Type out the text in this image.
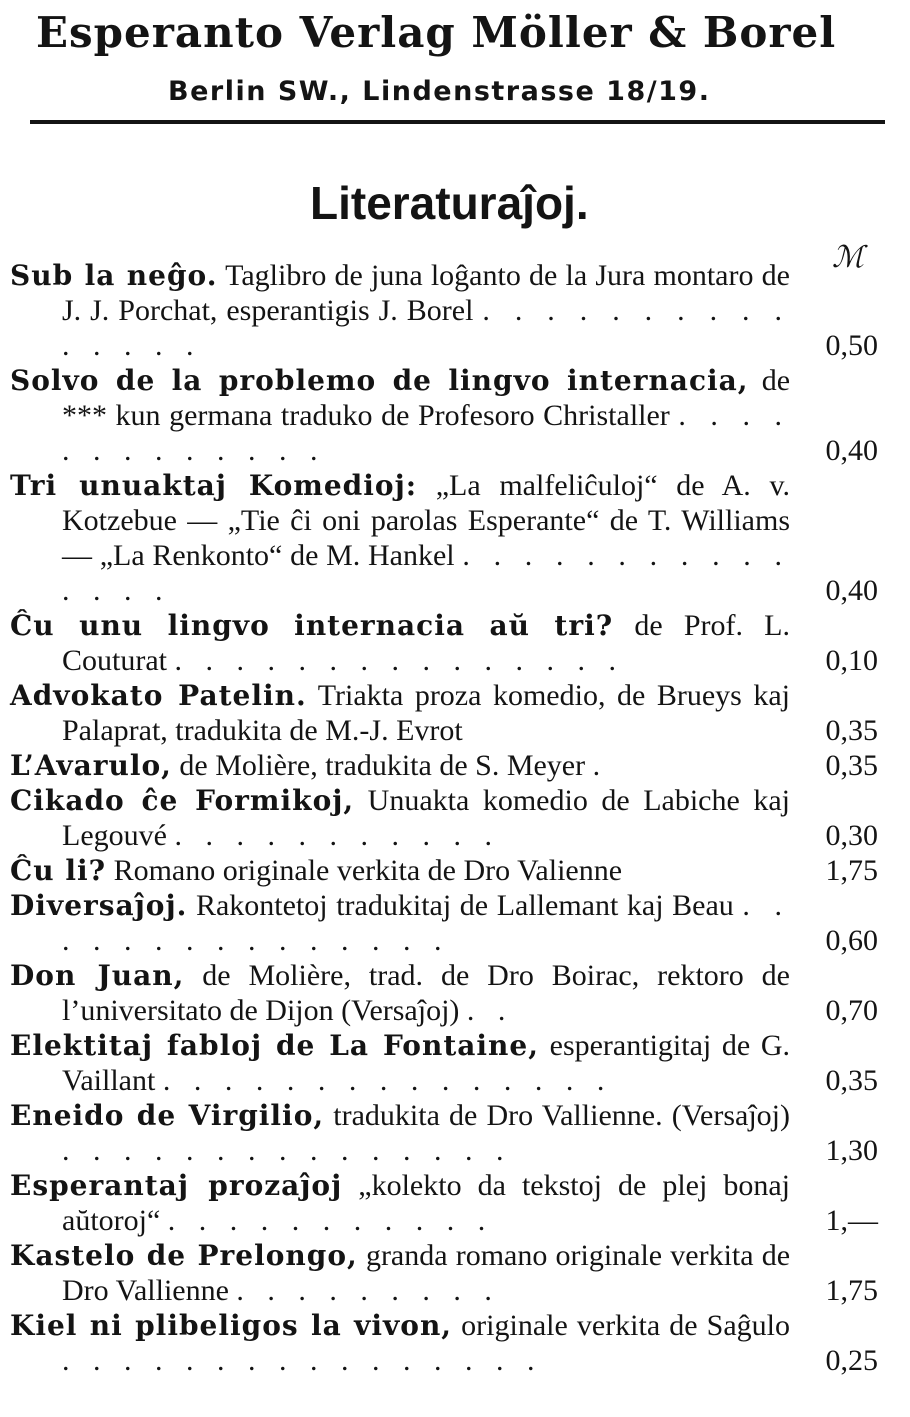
Esperanto Verlag Möller & Borel
Berlin SW., Lindenstrasse 18/19.
Literaturaĵoj.
ℳ
Sub la neĝo. Taglibro de juna loĝanto de la Jura montaro de J. J. Porchat, esperantigis J. Borel . . . . . . . . . . . . . . .	0,50
Solvo de la problemo de lingvo internacia, de *** kun germana traduko de Profesoro Christaller . . . . . . . . . . . . .	0,40
Tri unuaktaj Komedioj: „La malfeliĉuloj“ de A. v. Kotzebue — „Tie ĉi oni parolas Esperante“ de T. Williams — „La Renkonto“ de M. Hankel . . . . . . . . . . . . . . .	0,40
Ĉu unu lingvo internacia aŭ tri? de Prof. L. Couturat . . . . . . . . . . . . . . .	0,10
Advokato Patelin. Triakta proza komedio, de Brueys kaj Palaprat, tradukita de M.-J. Evrot	0,35
L’Avarulo, de Molière, tradukita de S. Meyer .	0,35
Cikado ĉe Formikoj, Unuakta komedio de Labiche kaj Legouvé . . . . . . . . . . .	0,30
Ĉu li? Romano originale verkita de Dro Valienne	1,75
Diversaĵoj. Rakontetoj tradukitaj de Lallemant kaj Beau . . . . . . . . . . . . . . .	0,60
Don Juan, de Molière, trad. de Dro Boirac, rektoro de l’universitato de Dijon (Versaĵoj) . .	0,70
Elektitaj fabloj de La Fontaine, esperantigitaj de G. Vaillant . . . . . . . . . . . . . . .	0,35
Eneido de Virgilio, tradukita de Dro Vallienne. (Versaĵoj) . . . . . . . . . . . . . . .	1,30
Esperantaj prozaĵoj „kolekto da tekstoj de plej bonaj aŭtoroj“ . . . . . . . . . . .	1,—
Kastelo de Prelongo, granda romano originale verkita de Dro Vallienne . . . . . . . . .	1,75
Kiel ni plibeligos la vivon, originale verkita de Saĝulo . . . . . . . . . . . . . . . .	0,25
